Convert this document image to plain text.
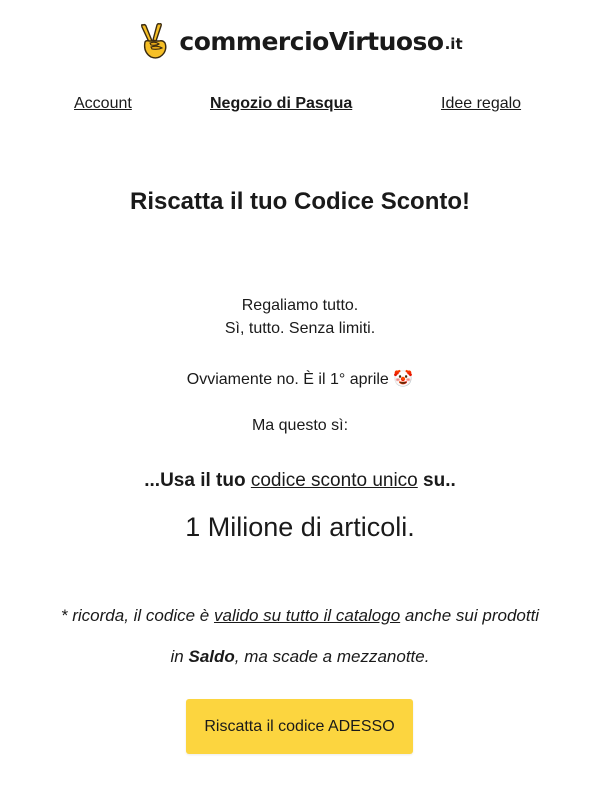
commercioVirtuoso .it
Account	Negozio di Pasqua	Idee regalo
Riscatta il tuo Codice Sconto!
Regaliamo tutto.
Sì, tutto. Senza limiti.
Ovviamente no. È il 1° aprile 🤡
Ma questo sì:
...Usa il tuo codice sconto unico su..
1 Milione di articoli.
* ricorda, il codice è valido su tutto il catalogo anche sui prodotti
in Saldo, ma scade a mezzanotte.
Riscatta il codice ADESSO
